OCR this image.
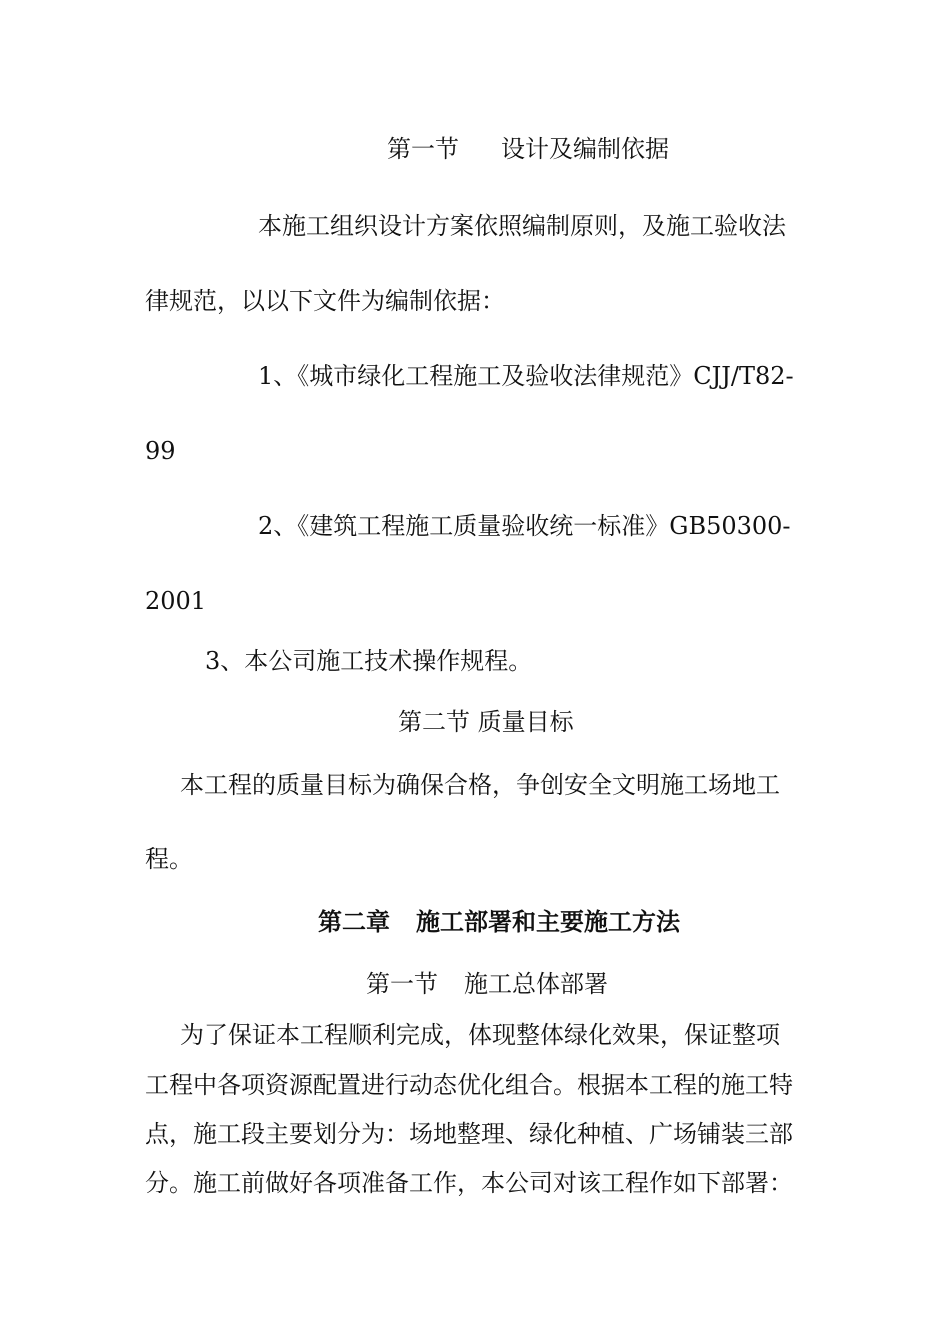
第一节 设计及编制依据
本施工组织设计方案依照编制原则，及施工验收法
律规范，以以下文件为编制依据：
1、《城市绿化工程施工及验收法律规范》CJJ/T82-
99
2、《建筑工程施工质量验收统一标准》GB50300-
2001
3、本公司施工技术操作规程。
第二节 质量目标
本工程的质量目标为确保合格，争创安全文明施工场地工
程。
第二章 施工部署和主要施工方法
第一节 施工总体部署
为了保证本工程顺利完成，体现整体绿化效果，保证整项
工程中各项资源配置进行动态优化组合。根据本工程的施工特
点，施工段主要划分为：场地整理、绿化种植、广场铺装三部
分。施工前做好各项准备工作，本公司对该工程作如下部署：
